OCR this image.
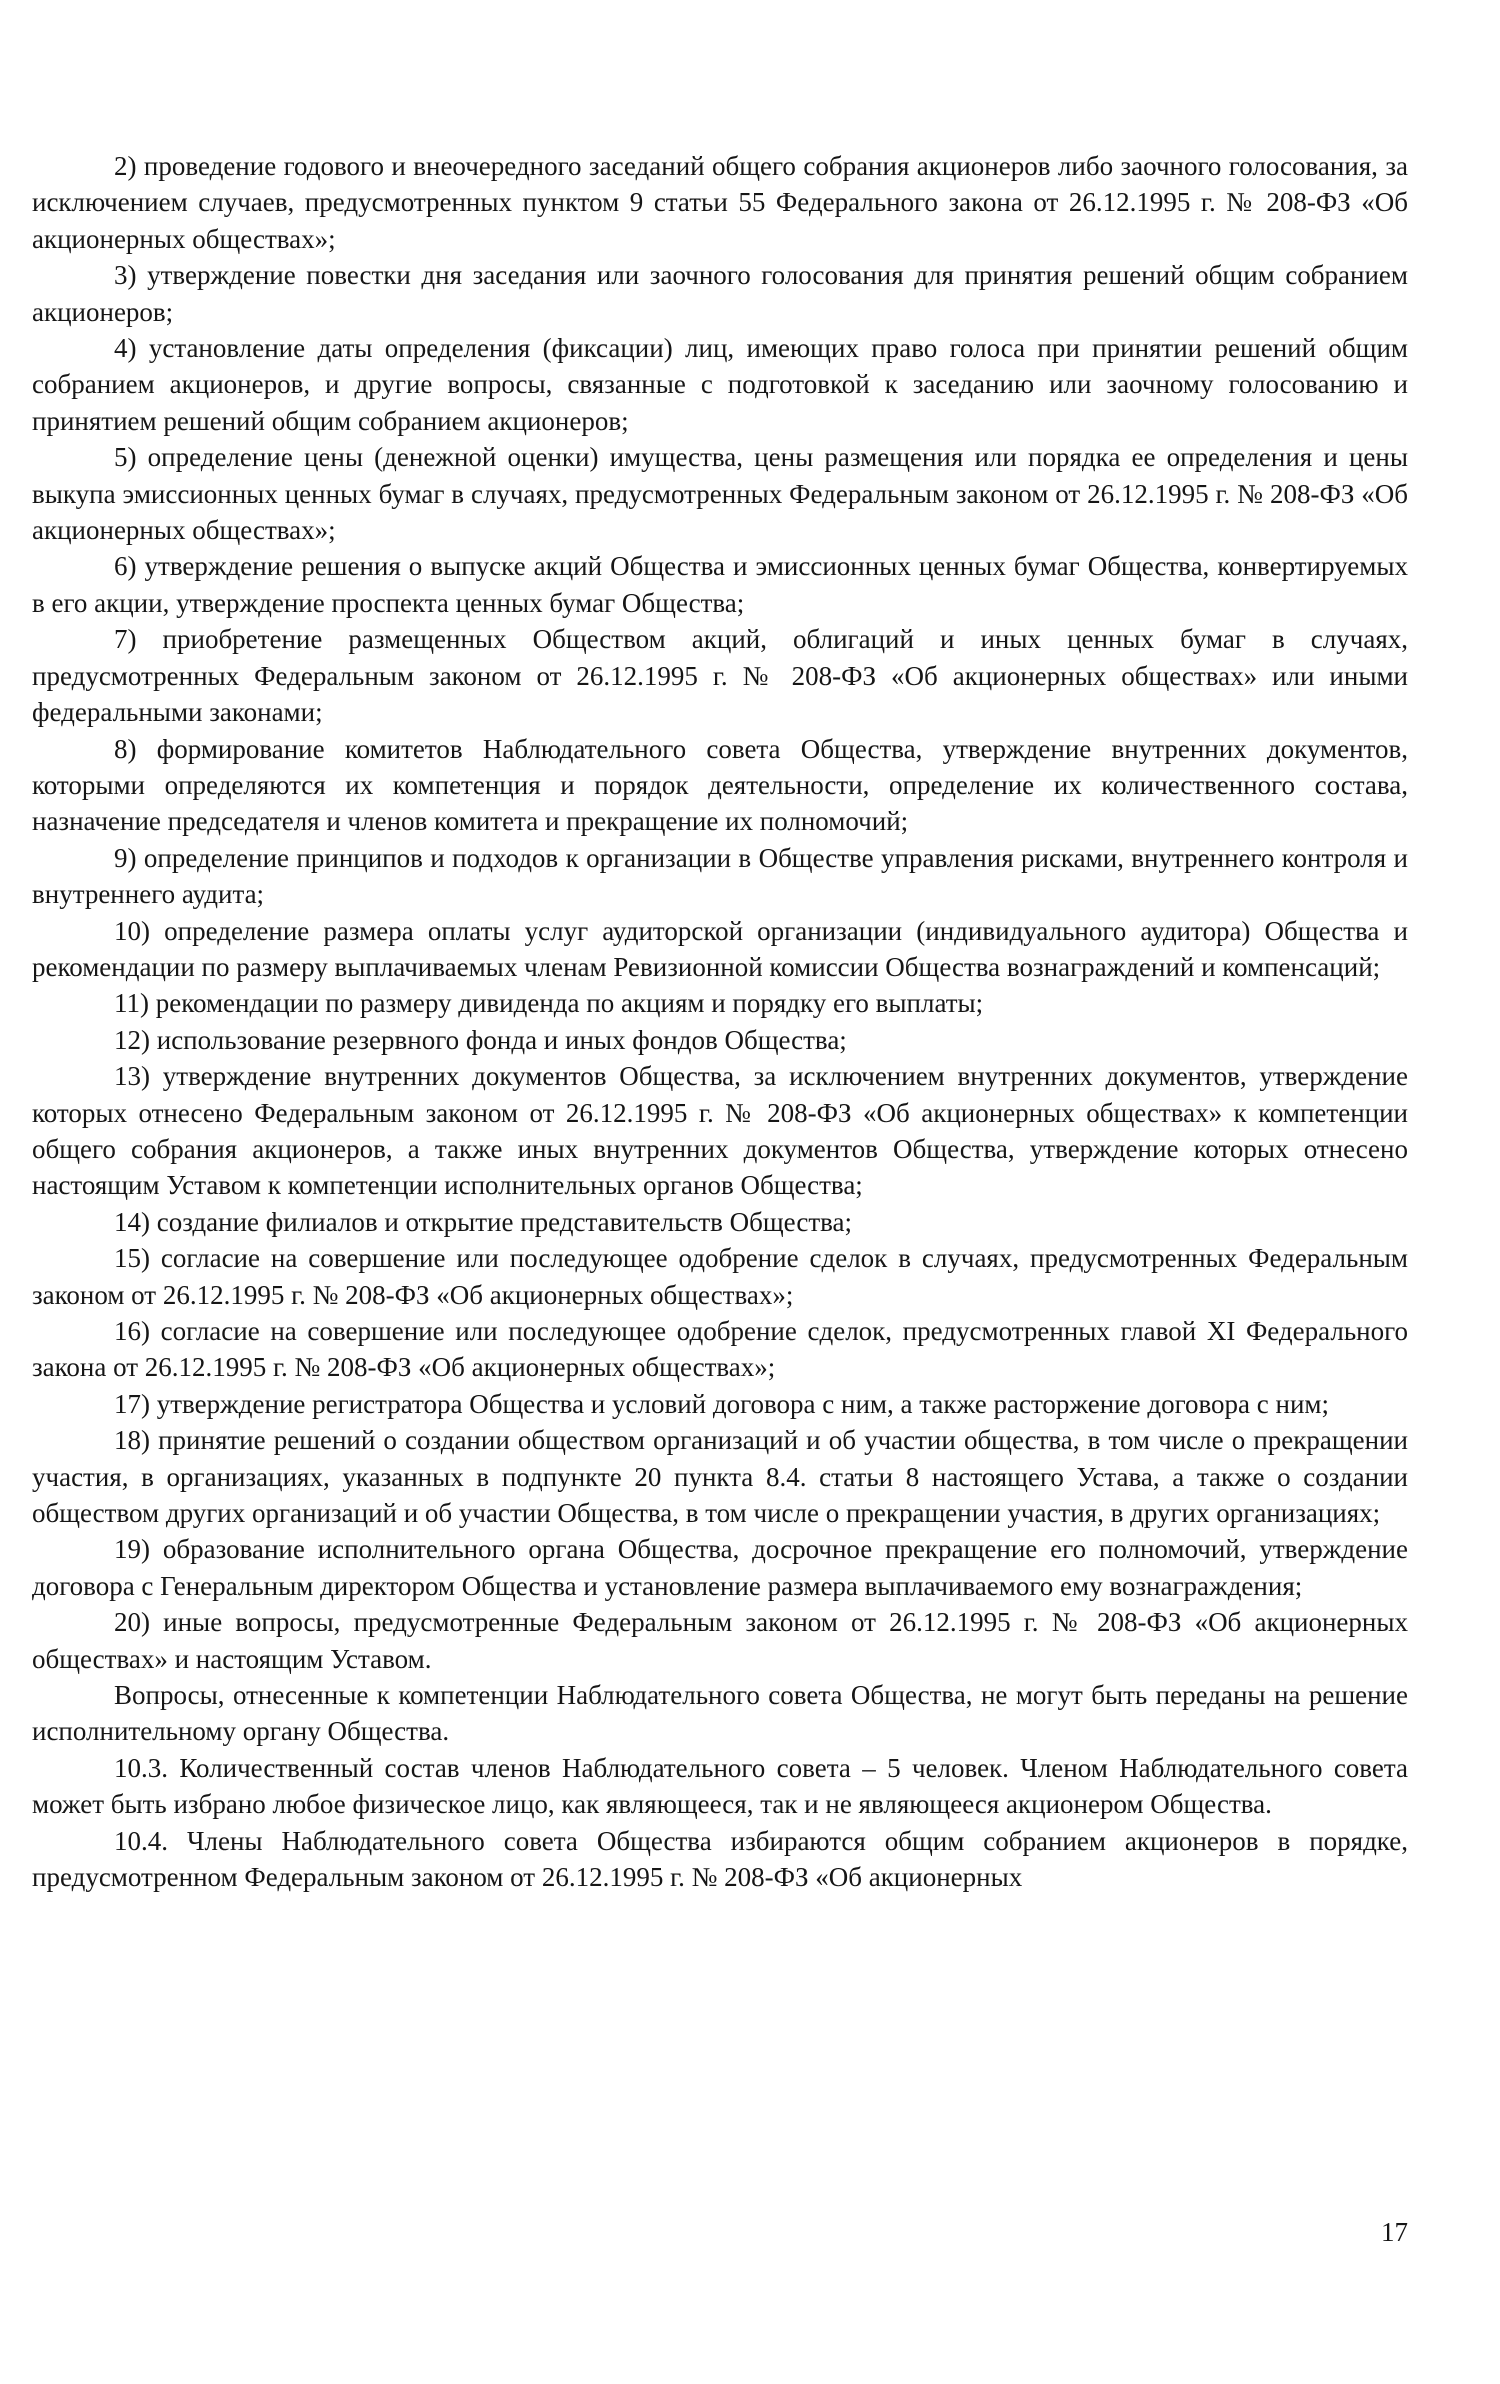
2) проведение годового и внеочередного заседаний общего собрания акционеров либо заочного голосования, за исключением случаев, предусмотренных пунктом 9 статьи 55 Федерального закона от 26.12.1995 г. № 208-ФЗ «Об акционерных обществах»;

3) утверждение повестки дня заседания или заочного голосования для принятия решений общим собранием акционеров;

4) установление даты определения (фиксации) лиц, имеющих право голоса при принятии решений общим собранием акционеров, и другие вопросы, связанные с подготовкой к заседанию или заочному голосованию и принятием решений общим собранием акционеров;

5) определение цены (денежной оценки) имущества, цены размещения или порядка ее определения и цены выкупа эмиссионных ценных бумаг в случаях, предусмотренных Федеральным законом от 26.12.1995 г. № 208-ФЗ «Об акционерных обществах»;

6) утверждение решения о выпуске акций Общества и эмиссионных ценных бумаг Общества, конвертируемых в его акции, утверждение проспекта ценных бумаг Общества;

7) приобретение размещенных Обществом акций, облигаций и иных ценных бумаг в случаях, предусмотренных Федеральным законом от 26.12.1995 г. № 208-ФЗ «Об акционерных обществах» или иными федеральными законами;

8) формирование комитетов Наблюдательного совета Общества, утверждение внутренних документов, которыми определяются их компетенция и порядок деятельности, определение их количественного состава, назначение председателя и членов комитета и прекращение их полномочий;

9) определение принципов и подходов к организации в Обществе управления рисками, внутреннего контроля и внутреннего аудита;

10) определение размера оплаты услуг аудиторской организации (индивидуального аудитора) Общества и рекомендации по размеру выплачиваемых членам Ревизионной комиссии Общества вознаграждений и компенсаций;

11) рекомендации по размеру дивиденда по акциям и порядку его выплаты;

12) использование резервного фонда и иных фондов Общества;

13) утверждение внутренних документов Общества, за исключением внутренних документов, утверждение которых отнесено Федеральным законом от 26.12.1995 г. № 208-ФЗ «Об акционерных обществах» к компетенции общего собрания акционеров, а также иных внутренних документов Общества, утверждение которых отнесено настоящим Уставом к компетенции исполнительных органов Общества;

14) создание филиалов и открытие представительств Общества;

15) согласие на совершение или последующее одобрение сделок в случаях, предусмотренных Федеральным законом от 26.12.1995 г. № 208-ФЗ «Об акционерных обществах»;

16) согласие на совершение или последующее одобрение сделок, предусмотренных главой XI Федерального закона от 26.12.1995 г. № 208-ФЗ «Об акционерных обществах»;

17) утверждение регистратора Общества и условий договора с ним, а также расторжение договора с ним;

18) принятие решений о создании обществом организаций и об участии общества, в том числе о прекращении участия, в организациях, указанных в подпункте 20 пункта 8.4. статьи 8 настоящего Устава, а также о создании обществом других организаций и об участии Общества, в том числе о прекращении участия, в других организациях;

19) образование исполнительного органа Общества, досрочное прекращение его полномочий, утверждение договора с Генеральным директором Общества и установление размера выплачиваемого ему вознаграждения;

20) иные вопросы, предусмотренные Федеральным законом от 26.12.1995 г. № 208-ФЗ «Об акционерных обществах» и настоящим Уставом.

Вопросы, отнесенные к компетенции Наблюдательного совета Общества, не могут быть переданы на решение исполнительному органу Общества.

10.3. Количественный состав членов Наблюдательного совета – 5 человек. Членом Наблюдательного совета может быть избрано любое физическое лицо, как являющееся, так и не являющееся акционером Общества.

10.4. Члены Наблюдательного совета Общества избираются общим собранием акционеров в порядке, предусмотренном Федеральным законом от 26.12.1995 г. № 208-ФЗ «Об акционерных

17
